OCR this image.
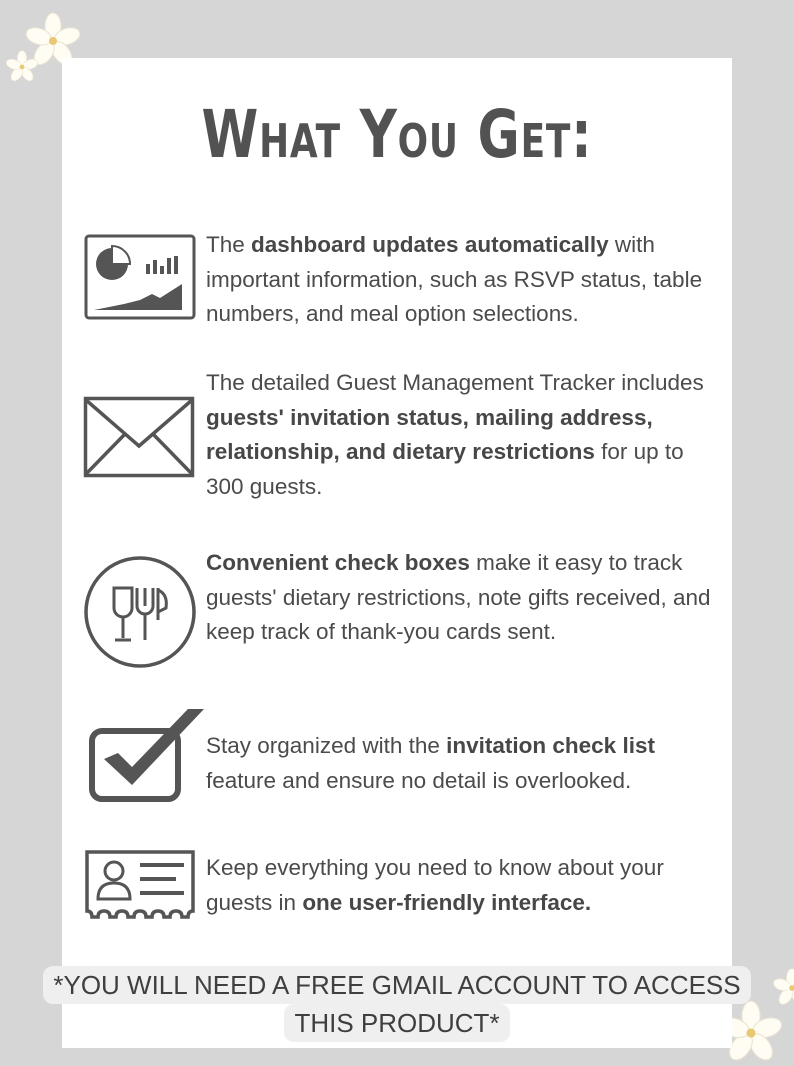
What You Get:
The dashboard updates automatically with important information, such as RSVP status, table numbers, and meal option selections.
The detailed Guest Management Tracker includes guests' invitation status, mailing address, relationship, and dietary restrictions for up to 300 guests.
Convenient check boxes make it easy to track guests' dietary restrictions, note gifts received, and keep track of thank-you cards sent.
Stay organized with the invitation check list feature and ensure no detail is overlooked.
Keep everything you need to know about your guests in one user-friendly interface.
*YOU WILL NEED A FREE GMAIL ACCOUNT TO ACCESS
THIS PRODUCT*
